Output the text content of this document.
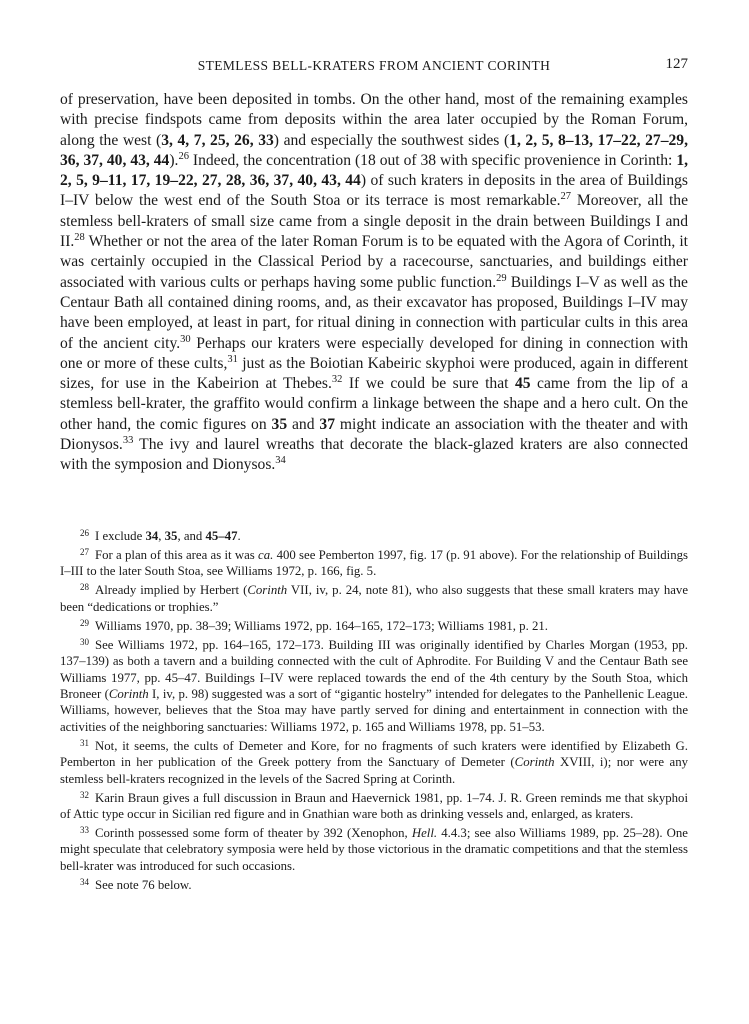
STEMLESS BELL-KRATERS FROM ANCIENT CORINTH	127

of preservation, have been deposited in tombs. On the other hand, most of the remaining examples with precise findspots came from deposits within the area later occupied by the Roman Forum, along the west (3, 4, 7, 25, 26, 33) and especially the southwest sides (1, 2, 5, 8–13, 17–22, 27–29, 36, 37, 40, 43, 44).$^{26}$ Indeed, the concentration (18 out of 38 with specific provenience in Corinth: 1, 2, 5, 9–11, 17, 19–22, 27, 28, 36, 37, 40, 43, 44) of such kraters in deposits in the area of Buildings I–IV below the west end of the South Stoa or its terrace is most remarkable.$^{27}$ Moreover, all the stemless bell-kraters of small size came from a single deposit in the drain between Buildings I and II.$^{28}$ Whether or not the area of the later Roman Forum is to be equated with the Agora of Corinth, it was certainly occupied in the Classical Period by a racecourse, sanctuaries, and buildings either associated with various cults or perhaps having some public function.$^{29}$ Buildings I–V as well as the Centaur Bath all contained dining rooms, and, as their excavator has proposed, Buildings I–IV may have been employed, at least in part, for ritual dining in connection with particular cults in this area of the ancient city.$^{30}$ Perhaps our kraters were especially developed for dining in connection with one or more of these cults,$^{31}$ just as the Boiotian Kabeiric skyphoi were produced, again in different sizes, for use in the Kabeirion at Thebes.$^{32}$ If we could be sure that 45 came from the lip of a stemless bell-krater, the graffito would confirm a linkage between the shape and a hero cult. On the other hand, the comic figures on 35 and 37 might indicate an association with the theater and with Dionysos.$^{33}$ The ivy and laurel wreaths that decorate the black-glazed kraters are also connected with the symposion and Dionysos.$^{34}$

$^{26}$ I exclude 34, 35, and 45–47.

$^{27}$ For a plan of this area as it was ca. 400 see Pemberton 1997, fig. 17 (p. 91 above). For the relationship of Buildings I–III to the later South Stoa, see Williams 1972, p. 166, fig. 5.

$^{28}$ Already implied by Herbert (Corinth VII, iv, p. 24, note 81), who also suggests that these small kraters may have been “dedications or trophies.”

$^{29}$ Williams 1970, pp. 38–39; Williams 1972, pp. 164–165, 172–173; Williams 1981, p. 21.

$^{30}$ See Williams 1972, pp. 164–165, 172–173. Building III was originally identified by Charles Morgan (1953, pp. 137–139) as both a tavern and a building connected with the cult of Aphrodite. For Building V and the Centaur Bath see Williams 1977, pp. 45–47. Buildings I–IV were replaced towards the end of the 4th century by the South Stoa, which Broneer (Corinth I, iv, p. 98) suggested was a sort of “gigantic hostelry” intended for delegates to the Panhellenic League. Williams, however, believes that the Stoa may have partly served for dining and entertainment in connection with the activities of the neighboring sanctuaries: Williams 1972, p. 165 and Williams 1978, pp. 51–53.

$^{31}$ Not, it seems, the cults of Demeter and Kore, for no fragments of such kraters were identified by Elizabeth G. Pemberton in her publication of the Greek pottery from the Sanctuary of Demeter (Corinth XVIII, i); nor were any stemless bell-kraters recognized in the levels of the Sacred Spring at Corinth.

$^{32}$ Karin Braun gives a full discussion in Braun and Haevernick 1981, pp. 1–74. J. R. Green reminds me that skyphoi of Attic type occur in Sicilian red figure and in Gnathian ware both as drinking vessels and, enlarged, as kraters.

$^{33}$ Corinth possessed some form of theater by 392 (Xenophon, Hell. 4.4.3; see also Williams 1989, pp. 25–28). One might speculate that celebratory symposia were held by those victorious in the dramatic competitions and that the stemless bell-krater was introduced for such occasions.

$^{34}$ See note 76 below.
